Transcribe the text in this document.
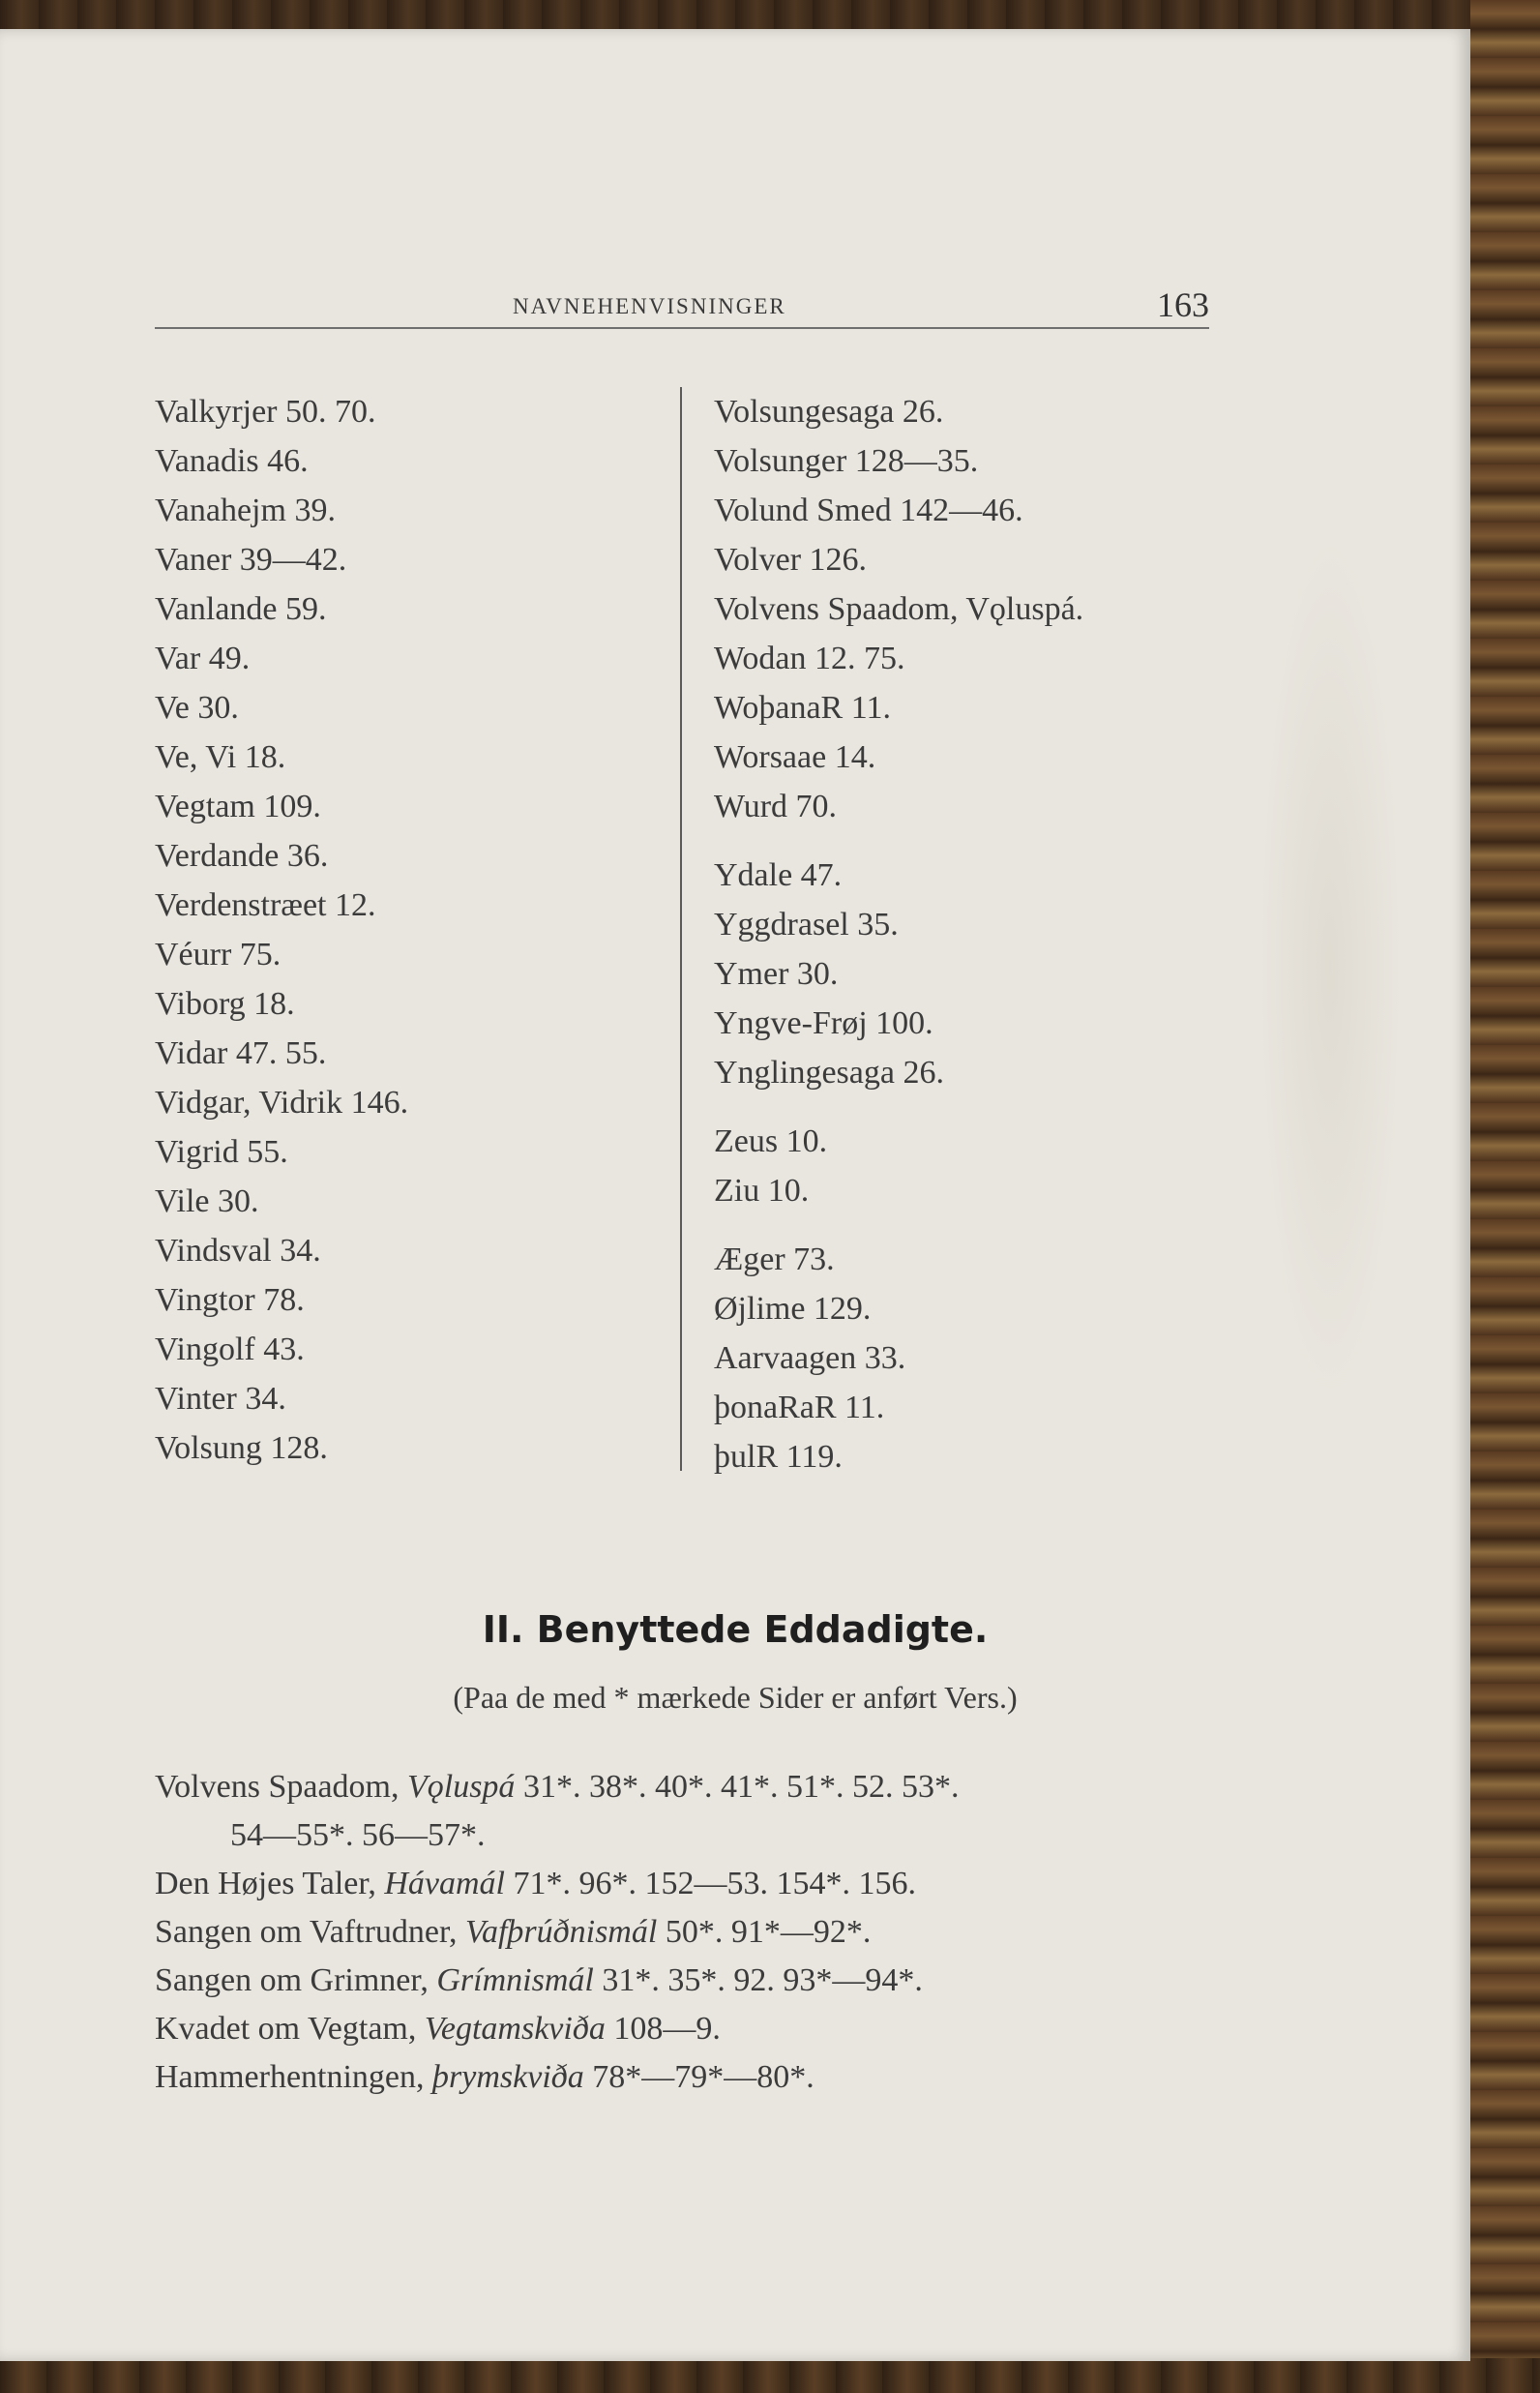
NAVNEHENVISNINGER	163
Valkyrjer 50. 70.
Vanadis 46.
Vanahejm 39.
Vaner 39—42.
Vanlande 59.
Var 49.
Ve 30.
Ve, Vi 18.
Vegtam 109.
Verdande 36.
Verdenstræet 12.
Véurr 75.
Viborg 18.
Vidar 47. 55.
Vidgar, Vidrik 146.
Vigrid 55.
Vile 30.
Vindsval 34.
Vingtor 78.
Vingolf 43.
Vinter 34.
Volsung 128.
Volsungesaga 26.
Volsunger 128—35.
Volund Smed 142—46.
Volver 126.
Volvens Spaadom, Vǫluspá.
Wodan 12. 75.
WoþanaR 11.
Worsaae 14.
Wurd 70.
Ydale 47.
Yggdrasel 35.
Ymer 30.
Yngve-Frøj 100.
Ynglingesaga 26.
Zeus 10.
Ziu 10.
Æger 73.
Øjlime 129.
Aarvaagen 33.
þonaRaR 11.
þulR 119.
II. Benyttede Eddadigte.
(Paa de med * mærkede Sider er anført Vers.)
Volvens Spaadom, Vǫluspá 31*. 38*. 40*. 41*. 51*. 52. 53*.
54—55*. 56—57*.
Den Højes Taler, Hávamál 71*. 96*. 152—53. 154*. 156.
Sangen om Vaftrudner, Vafþrúðnismál 50*. 91*—92*.
Sangen om Grimner, Grímnismál 31*. 35*. 92. 93*—94*.
Kvadet om Vegtam, Vegtamskviða 108—9.
Hammerhentningen, þrymskviða 78*—79*—80*.
